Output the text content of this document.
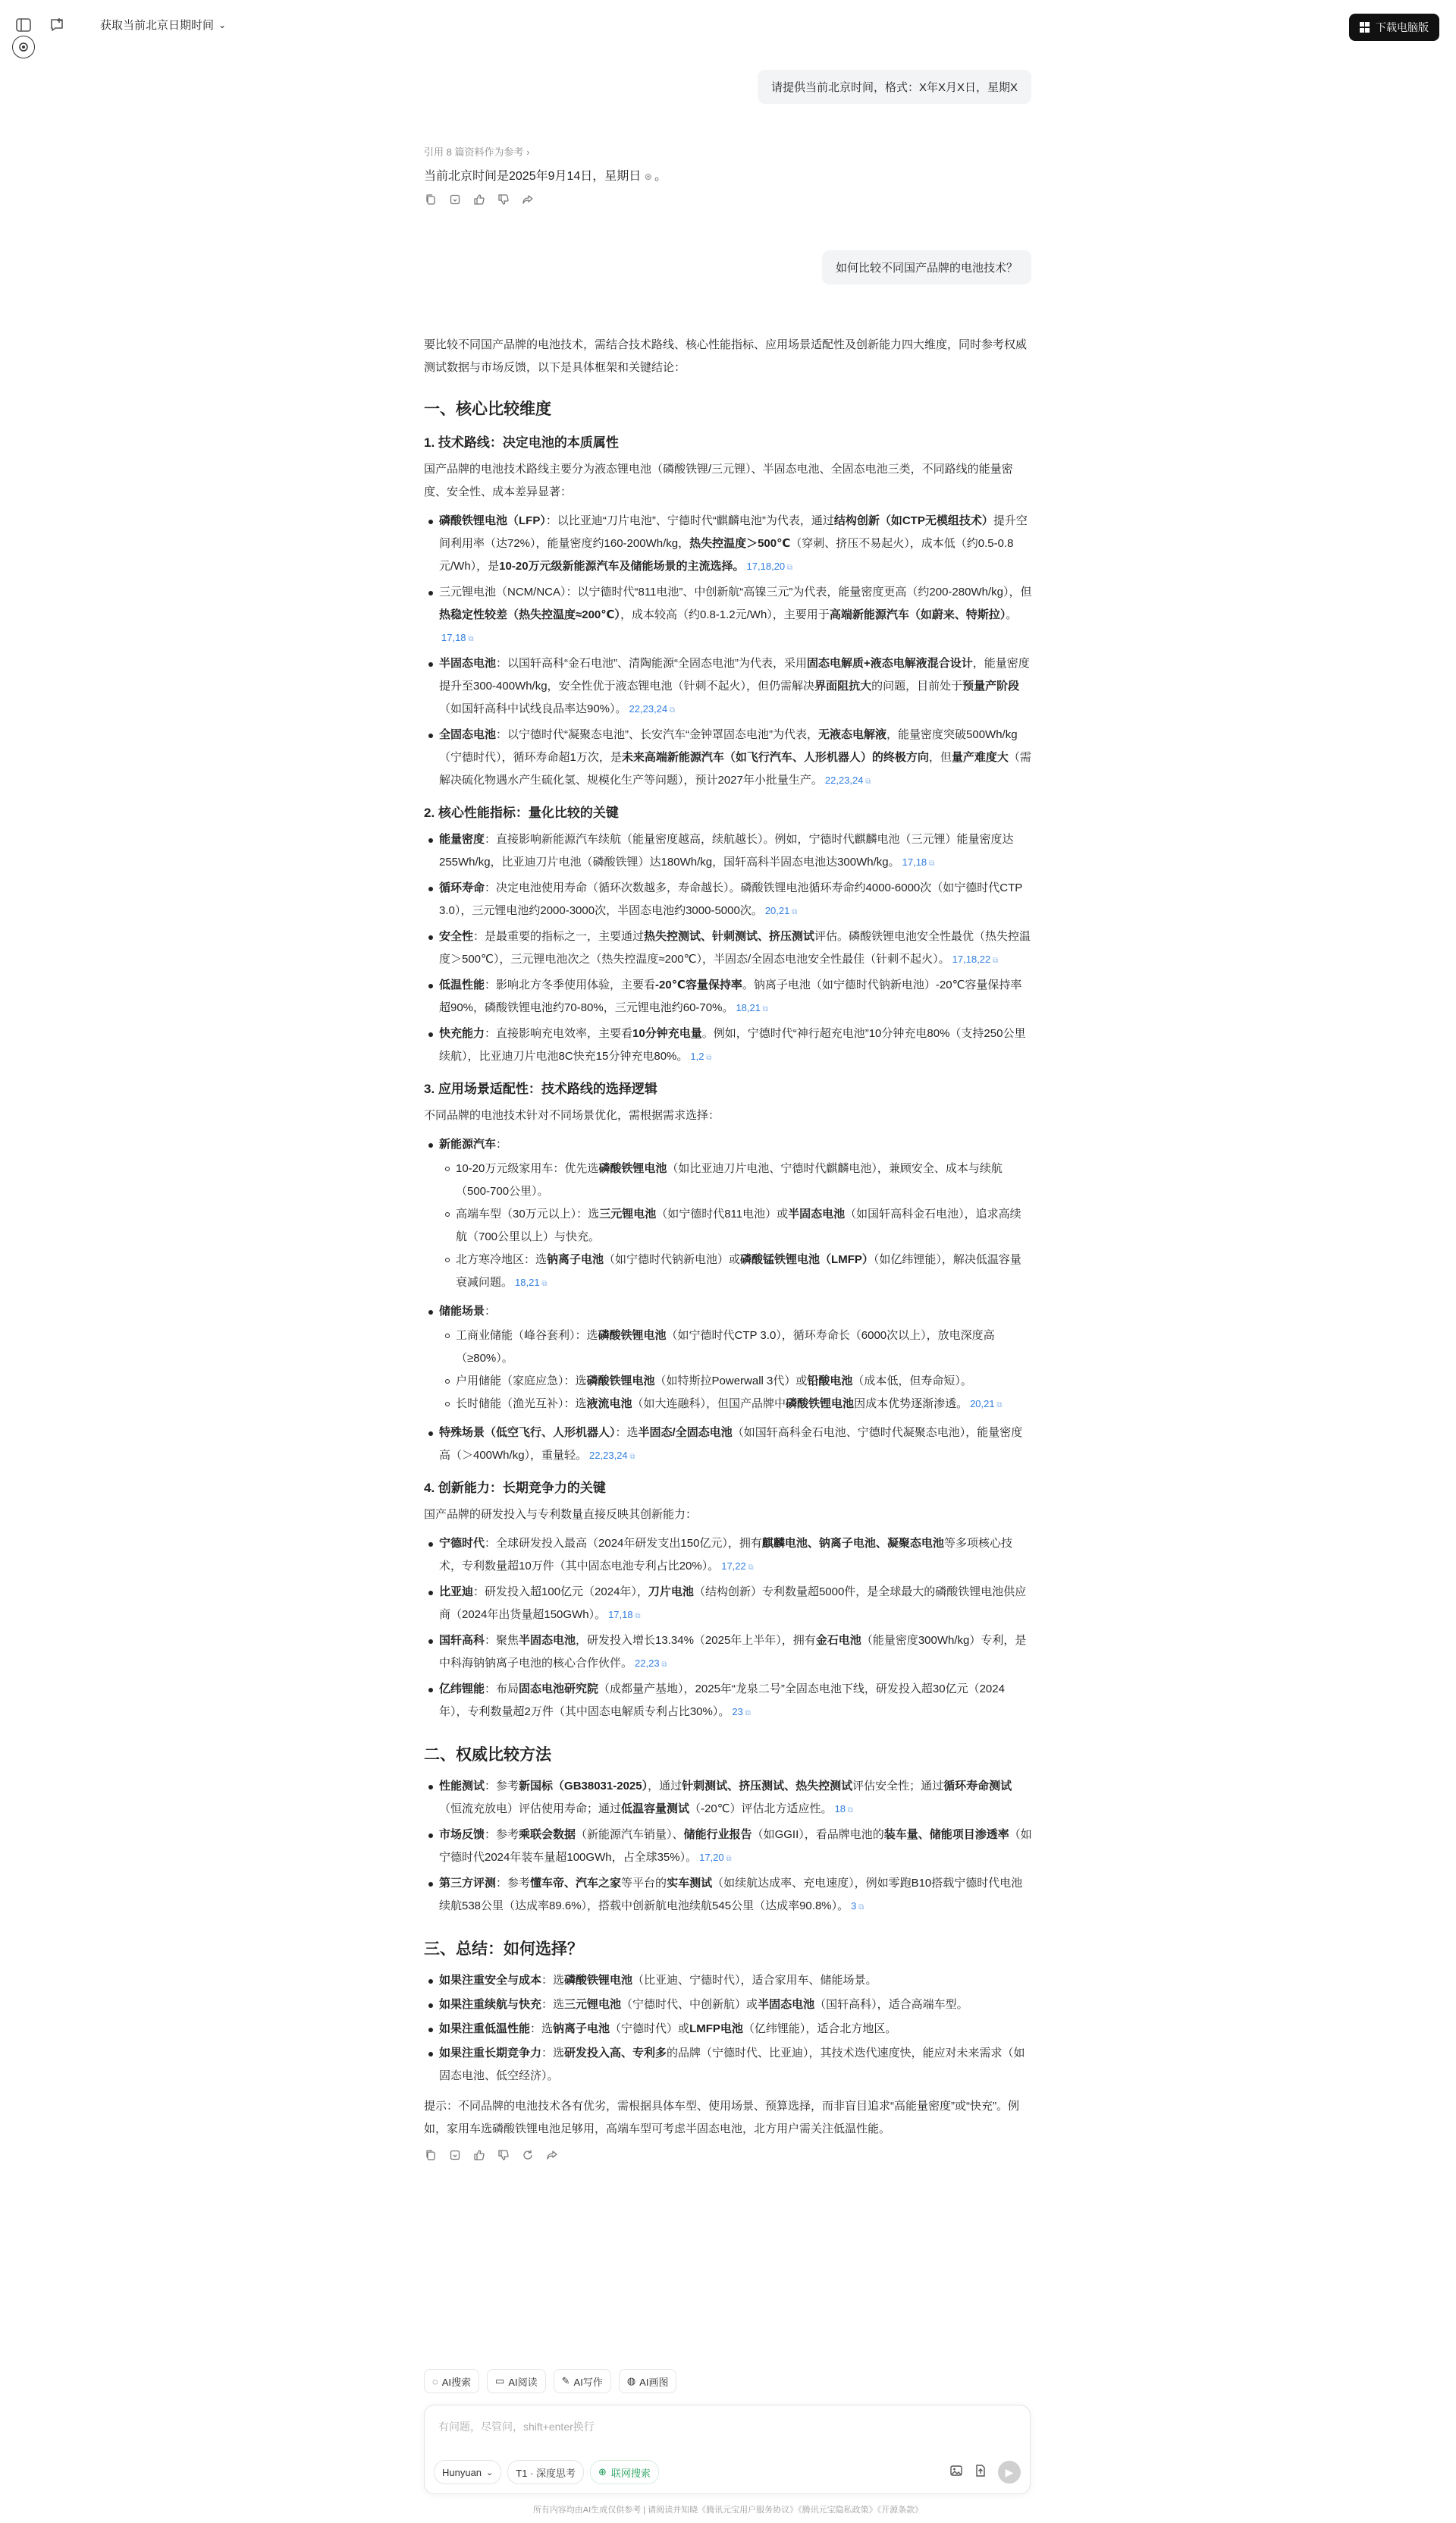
获取当前北京日期时间 ⌄	下载电脑版
请提供当前北京时间，格式：X年X月X日，星期X
引用 8 篇资料作为参考 ›
当前北京时间是2025年9月14日，星期日 ⊛ 。
如何比较不同国产品牌的电池技术？

要比较不同国产品牌的电池技术，需结合技术路线、核心性能指标、应用场景适配性及创新能力四大维度，同时参考权威测试数据与市场反馈，以下是具体框架和关键结论：

一、核心比较维度
1. 技术路线：决定电池的本质属性

国产品牌的电池技术路线主要分为液态锂电池（磷酸铁锂/三元锂）、半固态电池、全固态电池三类，不同路线的能量密度、安全性、成本差异显著：

磷酸铁锂电池（LFP）：以比亚迪“刀片电池”、宁德时代“麒麟电池”为代表，通过结构创新（如CTP无模组技术）提升空间利用率（达72%），能量密度约160-200Wh/kg，热失控温度＞500℃（穿刺、挤压不易起火），成本低（约0.5-0.8元/Wh），是10-20万元级新能源汽车及储能场景的主流选择。 17,18,20 ⧉
三元锂电池（NCM/NCA）：以宁德时代“811电池”、中创新航“高镍三元”为代表，能量密度更高（约200-280Wh/kg），但热稳定性较差（热失控温度≈200℃），成本较高（约0.8-1.2元/Wh），主要用于高端新能源汽车（如蔚来、特斯拉）。17,18 ⧉
半固态电池：以国轩高科“金石电池”、清陶能源“全固态电池”为代表，采用固态电解质+液态电解液混合设计，能量密度提升至300-400Wh/kg，安全性优于液态锂电池（针刺不起火），但仍需解决界面阻抗大的问题，目前处于预量产阶段（如国轩高科中试线良品率达90%）。 22,23,24 ⧉
全固态电池：以宁德时代“凝聚态电池”、长安汽车“金钟罩固态电池”为代表，无液态电解液，能量密度突破500Wh/kg（宁德时代），循环寿命超1万次，是未来高端新能源汽车（如飞行汽车、人形机器人）的终极方向，但量产难度大（需解决硫化物遇水产生硫化氢、规模化生产等问题），预计2027年小批量生产。 22,23,24 ⧉
2. 核心性能指标：量化比较的关键
能量密度：直接影响新能源汽车续航（能量密度越高，续航越长）。例如，宁德时代麒麟电池（三元锂）能量密度达255Wh/kg，比亚迪刀片电池（磷酸铁锂）达180Wh/kg，国轩高科半固态电池达300Wh/kg。 17,18 ⧉
循环寿命：决定电池使用寿命（循环次数越多，寿命越长）。磷酸铁锂电池循环寿命约4000-6000次（如宁德时代CTP 3.0），三元锂电池约2000-3000次，半固态电池约3000-5000次。 20,21 ⧉
安全性：是最重要的指标之一，主要通过热失控测试、针刺测试、挤压测试评估。磷酸铁锂电池安全性最优（热失控温度＞500℃），三元锂电池次之（热失控温度≈200℃），半固态/全固态电池安全性最佳（针刺不起火）。 17,18,22 ⧉
低温性能：影响北方冬季使用体验，主要看-20℃容量保持率。钠离子电池（如宁德时代钠新电池）-20℃容量保持率超90%，磷酸铁锂电池约70-80%，三元锂电池约60-70%。 18,21 ⧉
快充能力：直接影响充电效率，主要看10分钟充电量。例如，宁德时代“神行超充电池”10分钟充电80%（支持250公里续航），比亚迪刀片电池8C快充15分钟充电80%。 1,2 ⧉
3. 应用场景适配性：技术路线的选择逻辑

不同品牌的电池技术针对不同场景优化，需根据需求选择：

新能源汽车：
10-20万元级家用车：优先选磷酸铁锂电池（如比亚迪刀片电池、宁德时代麒麟电池），兼顾安全、成本与续航（500-700公里）。
高端车型（30万元以上）：选三元锂电池（如宁德时代811电池）或半固态电池（如国轩高科金石电池），追求高续航（700公里以上）与快充。
北方寒冷地区：选钠离子电池（如宁德时代钠新电池）或磷酸锰铁锂电池（LMFP）（如亿纬锂能），解决低温容量衰减问题。 18,21 ⧉
储能场景：
工商业储能（峰谷套利）：选磷酸铁锂电池（如宁德时代CTP 3.0），循环寿命长（6000次以上），放电深度高（≥80%）。
户用储能（家庭应急）：选磷酸铁锂电池（如特斯拉Powerwall 3代）或铅酸电池（成本低，但寿命短）。
长时储能（渔光互补）：选液流电池（如大连融科），但国产品牌中磷酸铁锂电池因成本优势逐渐渗透。 20,21 ⧉
特殊场景（低空飞行、人形机器人）：选半固态/全固态电池（如国轩高科金石电池、宁德时代凝聚态电池），能量密度高（＞400Wh/kg），重量轻。 22,23,24 ⧉
4. 创新能力：长期竞争力的关键

国产品牌的研发投入与专利数量直接反映其创新能力：

宁德时代：全球研发投入最高（2024年研发支出150亿元），拥有麒麟电池、钠离子电池、凝聚态电池等多项核心技术，专利数量超10万件（其中固态电池专利占比20%）。 17,22 ⧉
比亚迪：研发投入超100亿元（2024年），刀片电池（结构创新）专利数量超5000件，是全球最大的磷酸铁锂电池供应商（2024年出货量超150GWh）。 17,18 ⧉
国轩高科：聚焦半固态电池，研发投入增长13.34%（2025年上半年），拥有金石电池（能量密度300Wh/kg）专利，是中科海钠钠离子电池的核心合作伙伴。 22,23 ⧉
亿纬锂能：布局固态电池研究院（成都量产基地），2025年“龙泉二号”全固态电池下线，研发投入超30亿元（2024年），专利数量超2万件（其中固态电解质专利占比30%）。 23 ⧉
二、权威比较方法
性能测试：参考新国标（GB38031-2025），通过针刺测试、挤压测试、热失控测试评估安全性；通过循环寿命测试（恒流充放电）评估使用寿命；通过低温容量测试（-20℃）评估北方适应性。 18 ⧉
市场反馈：参考乘联会数据（新能源汽车销量）、储能行业报告（如GGII），看品牌电池的装车量、储能项目渗透率（如宁德时代2024年装车量超100GWh，占全球35%）。 17,20 ⧉
第三方评测：参考懂车帝、汽车之家等平台的实车测试（如续航达成率、充电速度），例如零跑B10搭载宁德时代电池续航538公里（达成率89.6%），搭载中创新航电池续航545公里（达成率90.8%）。 3 ⧉
三、总结：如何选择？
如果注重安全与成本：选磷酸铁锂电池（比亚迪、宁德时代），适合家用车、储能场景。
如果注重续航与快充：选三元锂电池（宁德时代、中创新航）或半固态电池（国轩高科），适合高端车型。
如果注重低温性能：选钠离子电池（宁德时代）或LMFP电池（亿纬锂能），适合北方地区。
如果注重长期竞争力：选研发投入高、专利多的品牌（宁德时代、比亚迪），其技术迭代速度快，能应对未来需求（如固态电池、低空经济）。

提示：不同品牌的电池技术各有优劣，需根据具体车型、使用场景、预算选择，而非盲目追求“高能量密度”或“快充”。例如，家用车选磷酸铁锂电池足够用，高端车型可考虑半固态电池，北方用户需关注低温性能。

◌ AI搜索 ▭ AI阅读 ✎ AI写作 ◍ AI画图
有问题，尽管问，shift+enter换行
Hunyuan ⌄ T1 · 深度思考 ⊕ 联网搜索	▶
所有内容均由AI生成仅供参考 | 请阅读并知晓《腾讯元宝用户服务协议》《腾讯元宝隐私政策》《开源条款》
